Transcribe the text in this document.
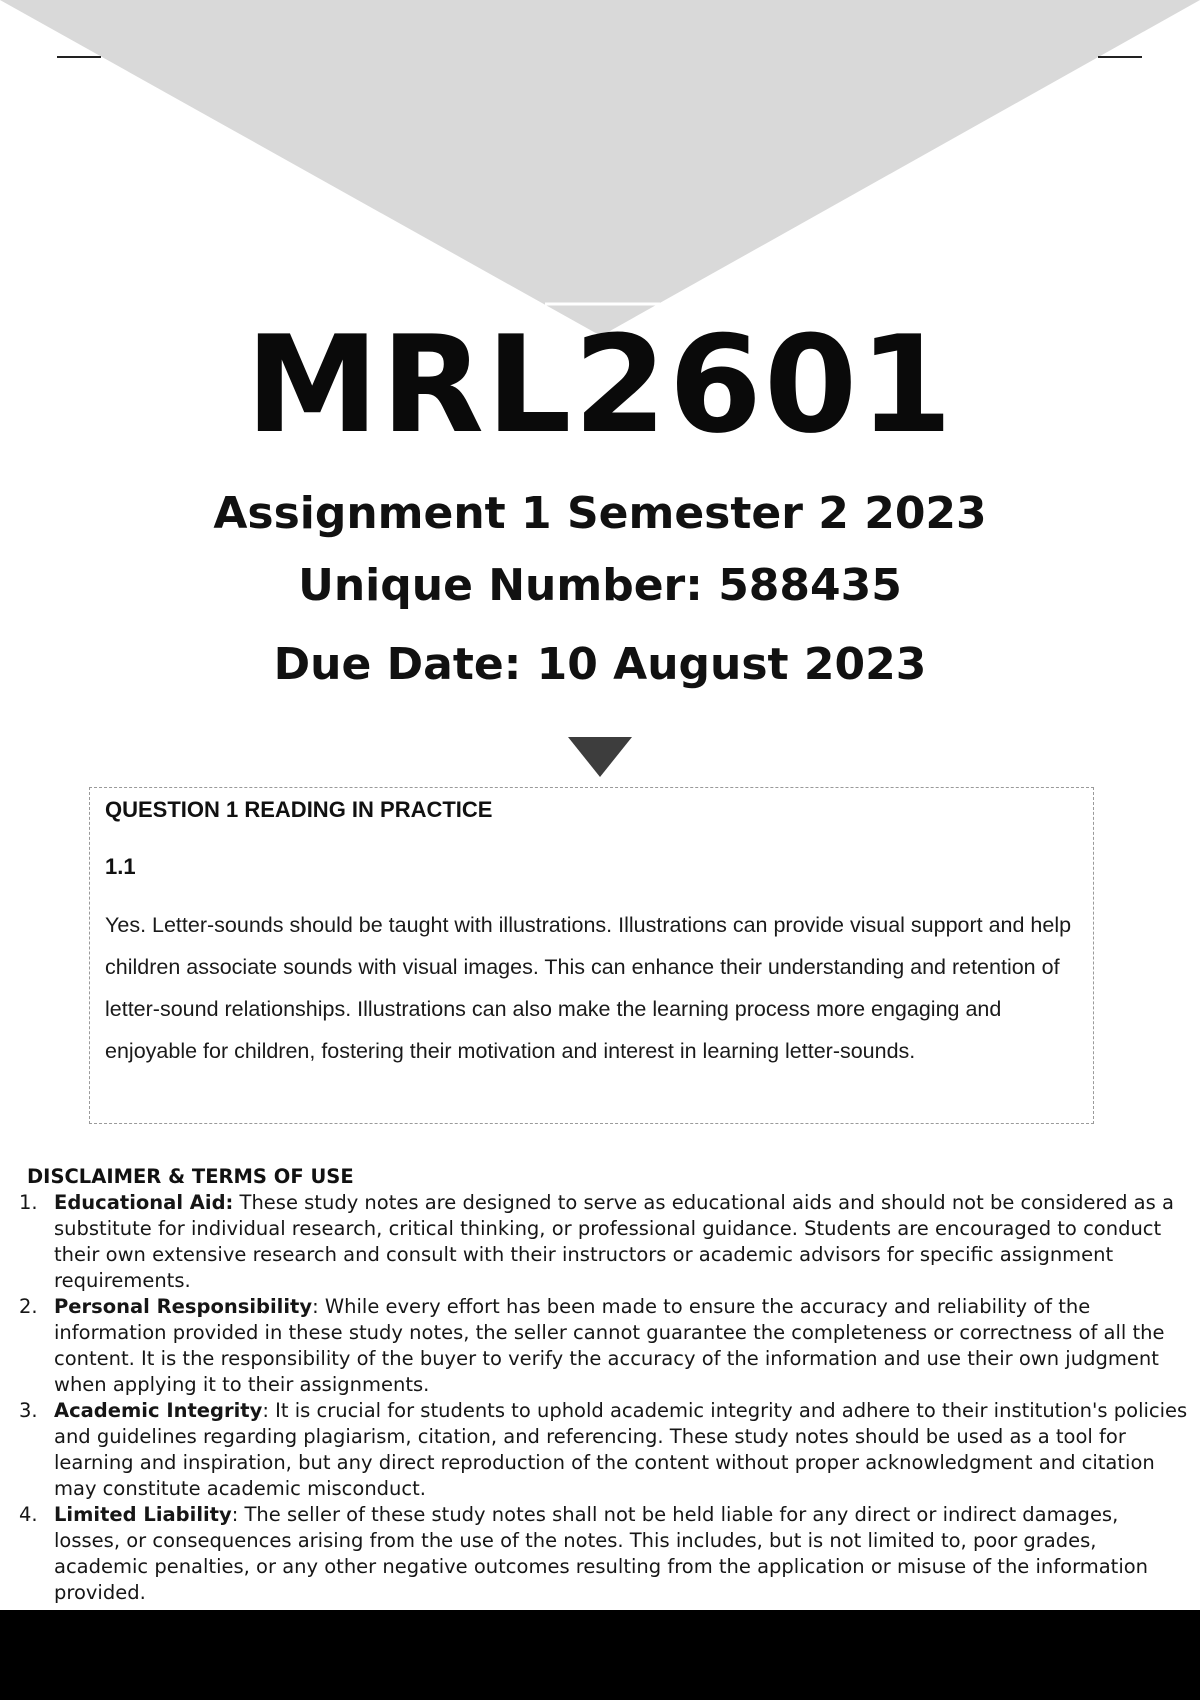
MRL2601
Assignment 1 Semester 2 2023
Unique Number: 588435
Due Date: 10 August 2023
QUESTION 1 READING IN PRACTICE
1.1

Yes. Letter-sounds should be taught with illustrations. Illustrations can provide visual support and help children associate sounds with visual images. This can enhance their understanding and retention of letter-sound relationships. Illustrations can also make the learning process more engaging and enjoyable for children, fostering their motivation and interest in learning letter-sounds.

DISCLAIMER & TERMS OF USE
1. Educational Aid: These study notes are designed to serve as educational aids and should not be considered as a substitute for individual research, critical thinking, or professional guidance. Students are encouraged to conduct their own extensive research and consult with their instructors or academic advisors for specific assignment requirements.
2. Personal Responsibility: While every effort has been made to ensure the accuracy and reliability of the information provided in these study notes, the seller cannot guarantee the completeness or correctness of all the content. It is the responsibility of the buyer to verify the accuracy of the information and use their own judgment when applying it to their assignments.
3. Academic Integrity: It is crucial for students to uphold academic integrity and adhere to their institution's policies and guidelines regarding plagiarism, citation, and referencing. These study notes should be used as a tool for learning and inspiration, but any direct reproduction of the content without proper acknowledgment and citation may constitute academic misconduct.
4. Limited Liability: The seller of these study notes shall not be held liable for any direct or indirect damages, losses, or consequences arising from the use of the notes. This includes, but is not limited to, poor grades, academic penalties, or any other negative outcomes resulting from the application or misuse of the information provided.
